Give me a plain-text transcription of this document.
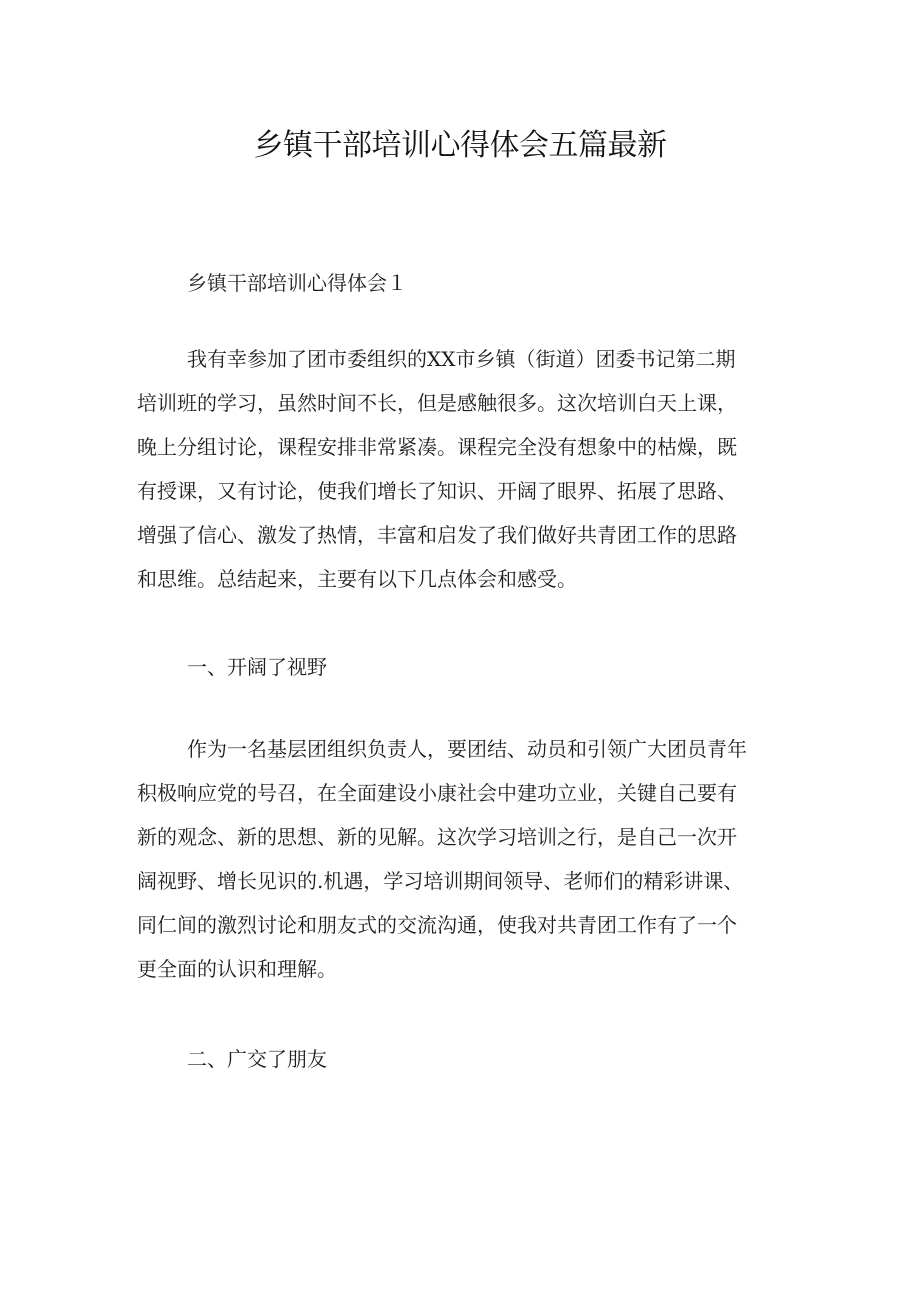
乡镇干部培训心得体会五篇最新
乡镇干部培训心得体会１
我有幸参加了团市委组织的XX市乡镇（街道）团委书记第二期
培训班的学习，虽然时间不长，但是感触很多。这次培训白天上课，
晚上分组讨论，课程安排非常紧凑。课程完全没有想象中的枯燥，既
有授课，又有讨论，使我们增长了知识、开阔了眼界、拓展了思路、
增强了信心、激发了热情，丰富和启发了我们做好共青团工作的思路
和思维。总结起来，主要有以下几点体会和感受。
一、开阔了视野
作为一名基层团组织负责人，要团结、动员和引领广大团员青年
积极响应党的号召，在全面建设小康社会中建功立业，关键自己要有
新的观念、新的思想、新的见解。这次学习培训之行，是自己一次开
阔视野、增长见识的.机遇，学习培训期间领导、老师们的精彩讲课、
同仁间的激烈讨论和朋友式的交流沟通，使我对共青团工作有了一个
更全面的认识和理解。
二、广交了朋友
